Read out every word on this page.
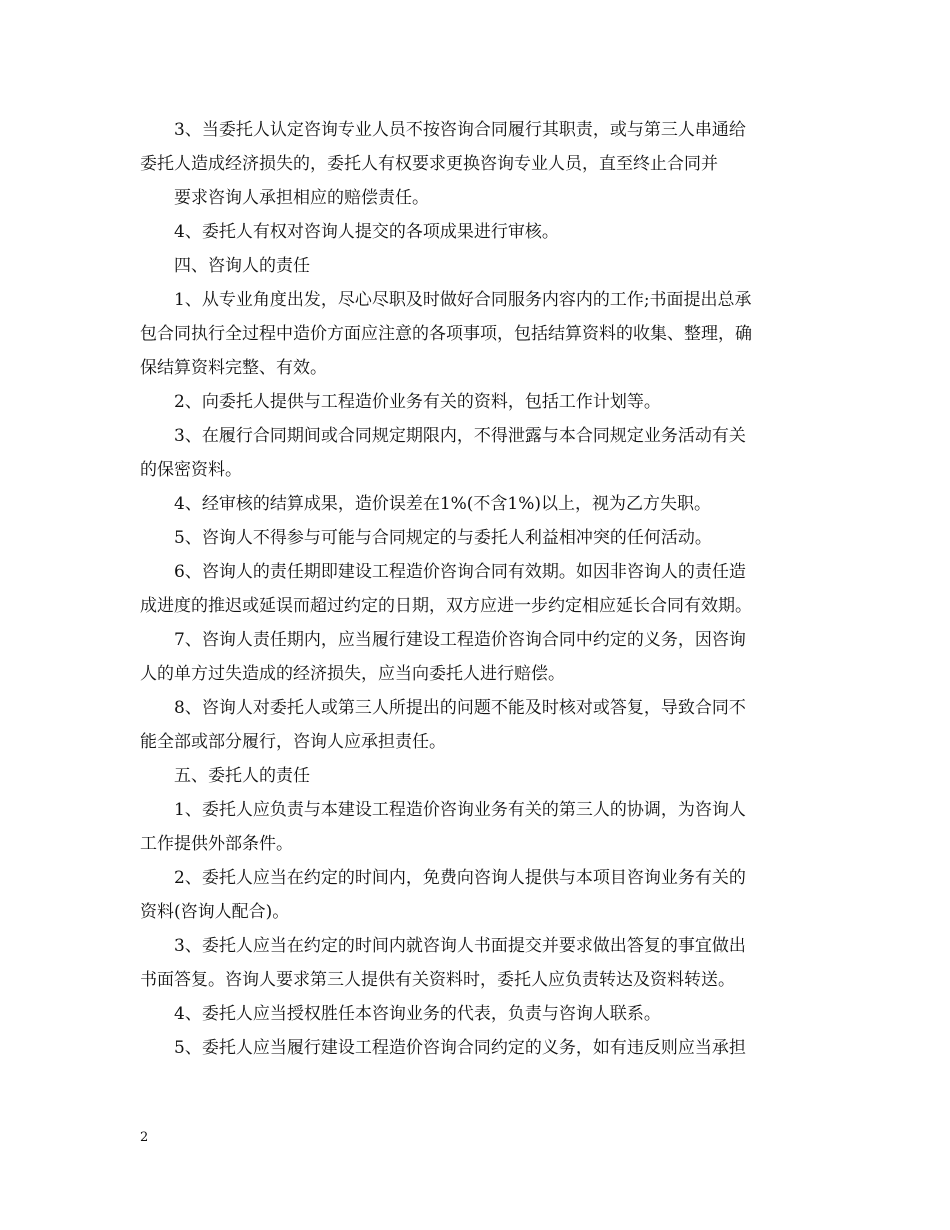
3、当委托人认定咨询专业人员不按咨询合同履行其职责，或与第三人串通给

委托人造成经济损失的，委托人有权要求更换咨询专业人员，直至终止合同并

要求咨询人承担相应的赔偿责任。

4、委托人有权对咨询人提交的各项成果进行审核。

四、咨询人的责任

1、从专业角度出发，尽心尽职及时做好合同服务内容内的工作;书面提出总承

包合同执行全过程中造价方面应注意的各项事项，包括结算资料的收集、整理，确

保结算资料完整、有效。

2、向委托人提供与工程造价业务有关的资料，包括工作计划等。

3、在履行合同期间或合同规定期限内，不得泄露与本合同规定业务活动有关

的保密资料。

4、经审核的结算成果，造价误差在1%(不含1%)以上，视为乙方失职。

5、咨询人不得参与可能与合同规定的与委托人利益相冲突的任何活动。

6、咨询人的责任期即建设工程造价咨询合同有效期。如因非咨询人的责任造

成进度的推迟或延误而超过约定的日期，双方应进一步约定相应延长合同有效期。

7、咨询人责任期内，应当履行建设工程造价咨询合同中约定的义务，因咨询

人的单方过失造成的经济损失，应当向委托人进行赔偿。

8、咨询人对委托人或第三人所提出的问题不能及时核对或答复，导致合同不

能全部或部分履行，咨询人应承担责任。

五、委托人的责任

1、委托人应负责与本建设工程造价咨询业务有关的第三人的协调，为咨询人

工作提供外部条件。

2、委托人应当在约定的时间内，免费向咨询人提供与本项目咨询业务有关的

资料(咨询人配合)。

3、委托人应当在约定的时间内就咨询人书面提交并要求做出答复的事宜做出

书面答复。咨询人要求第三人提供有关资料时，委托人应负责转达及资料转送。

4、委托人应当授权胜任本咨询业务的代表，负责与咨询人联系。

5、委托人应当履行建设工程造价咨询合同约定的义务，如有违反则应当承担

2
